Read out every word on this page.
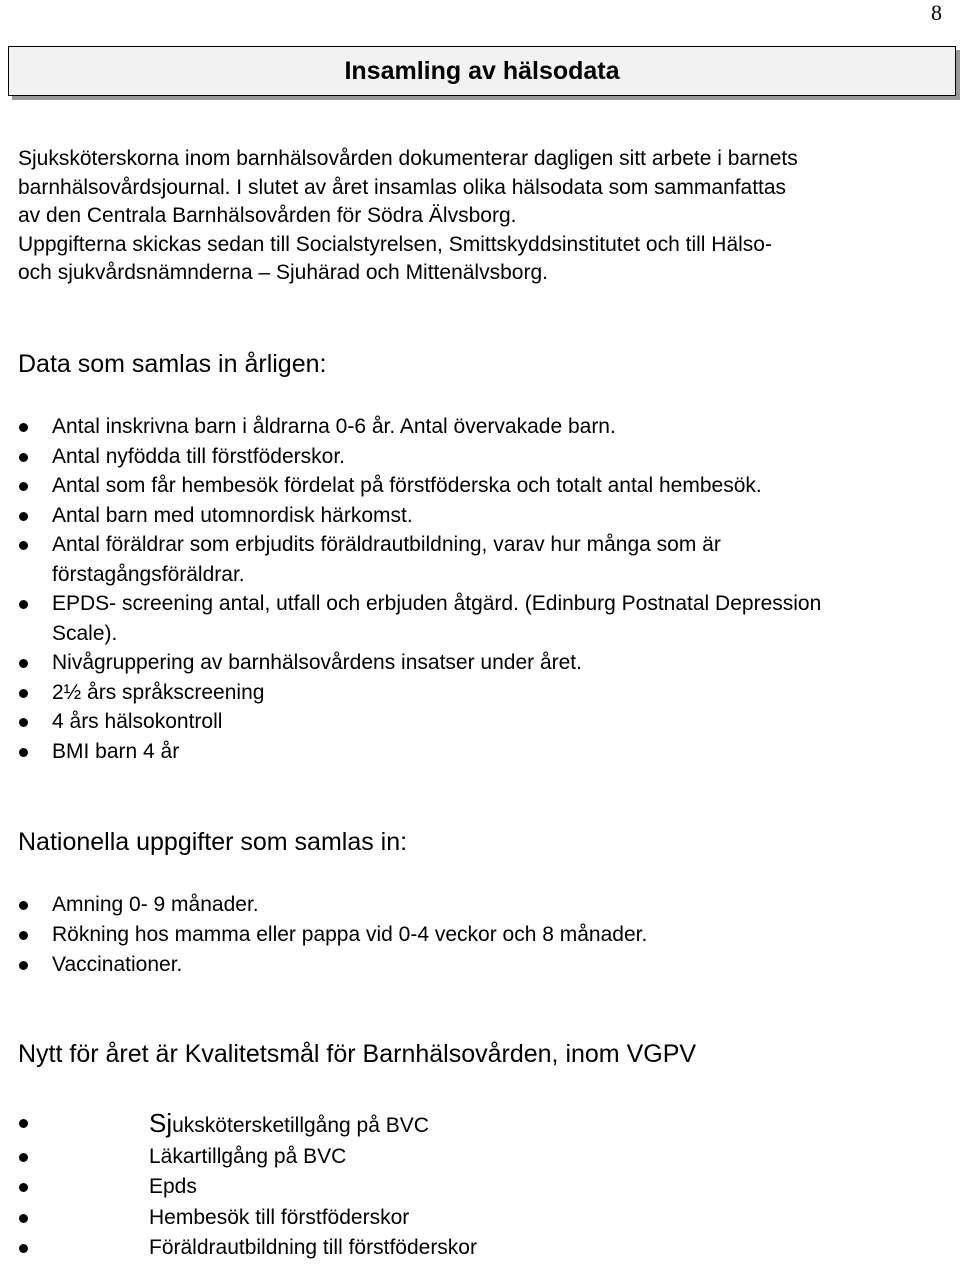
8
Insamling av hälsodata

Sjuksköterskorna inom barnhälsovården dokumenterar dagligen sitt arbete i barnets

barnhälsovårdsjournal. I slutet av året insamlas olika hälsodata som sammanfattas

av den Centrala Barnhälsovården för Södra Älvsborg.

Uppgifterna skickas sedan till Socialstyrelsen, Smittskyddsinstitutet och till Hälso-

och sjukvårdsnämnderna – Sjuhärad och Mittenälvsborg.

Data som samlas in årligen:
Antal inskrivna barn i åldrarna 0-6 år. Antal övervakade barn.
Antal nyfödda till förstföderskor.
Antal som får hembesök fördelat på förstföderska och totalt antal hembesök.
Antal barn med utomnordisk härkomst.
Antal föräldrar som erbjudits föräldrautbildning, varav hur många som är förstagångsföräldrar.
EPDS- screening antal, utfall och erbjuden åtgärd. (Edinburg Postnatal Depression Scale).
Nivågruppering av barnhälsovårdens insatser under året.
2½ års språkscreening
4 års hälsokontroll
BMI barn 4 år
Nationella uppgifter som samlas in:
Amning 0- 9 månader.
Rökning hos mamma eller pappa vid 0-4 veckor och 8 månader.
Vaccinationer.
Nytt för året är Kvalitetsmål för Barnhälsovården, inom VGPV
Sjukskötersketillgång på BVC
Läkartillgång på BVC
Epds
Hembesök till förstföderskor
Föräldrautbildning till förstföderskor
